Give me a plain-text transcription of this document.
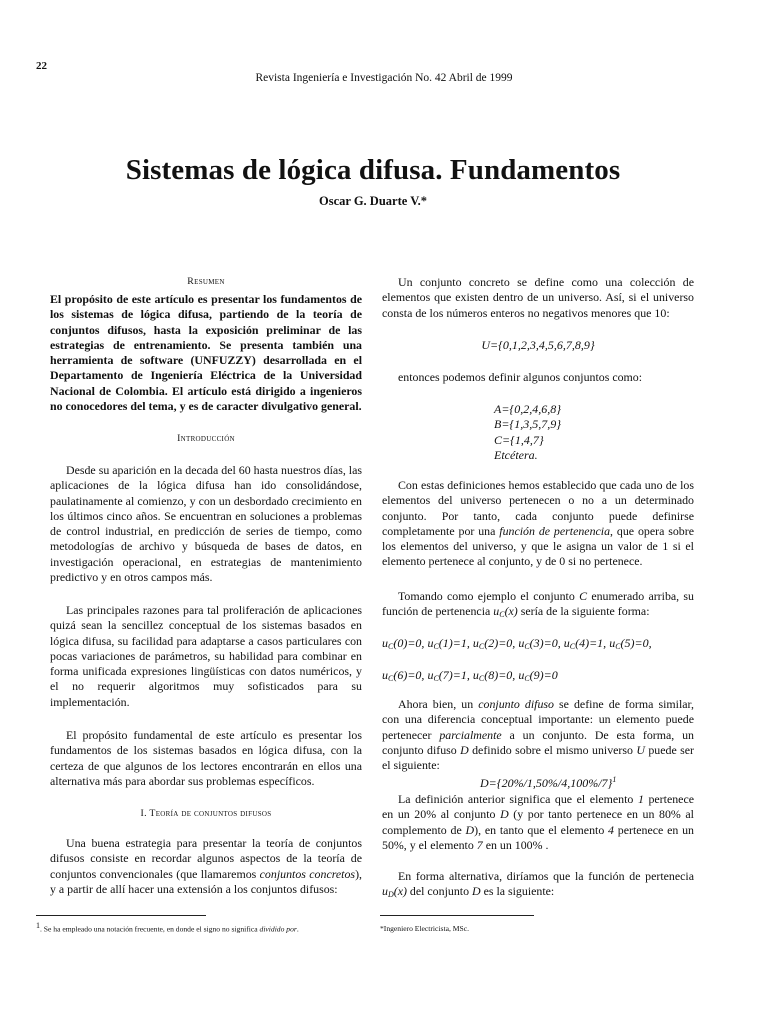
22
Revista Ingeniería e Investigación No. 42 Abril de 1999
Sistemas de lógica difusa. Fundamentos
Oscar G. Duarte V.*
Resumen
El propósito de este artículo es presentar los fundamentos de los sistemas de lógica difusa, partiendo de la teoría de conjuntos difusos, hasta la exposición preliminar de las estrategias de entrenamiento. Se presenta también una herramienta de software (UNFUZZY) desarrollada en el Departamento de Ingeniería Eléctrica de la Universidad Nacional de Colombia. El artículo está dirigido a ingenieros no conocedores del tema, y es de caracter divulgativo general.
Introducción

Desde su aparición en la decada del 60 hasta nuestros días, las aplicaciones de la lógica difusa han ido consolidándose, paulatinamente al comienzo, y con un desbordado crecimiento en los últimos cinco años. Se encuentran en soluciones a problemas de control industrial, en predicción de series de tiempo, como metodologías de archivo y búsqueda de bases de datos, en investigación operacional, en estrategias de mantenimiento predictivo y en otros campos más.

Las principales razones para tal proliferación de aplicaciones quizá sean la sencillez conceptual de los sistemas basados en lógica difusa, su facilidad para adaptarse a casos particulares con pocas variaciones de parámetros, su habilidad para combinar en forma unificada expresiones lingüísticas con datos numéricos, y el no requerir algoritmos muy sofisticados para su implementación.

El propósito fundamental de este artículo es presentar los fundamentos de los sistemas basados en lógica difusa, con la certeza de que algunos de los lectores encontrarán en ellos una alternativa más para abordar sus problemas específicos.

I. Teoría de conjuntos difusos

Una buena estrategia para presentar la teoría de conjuntos difusos consiste en recordar algunos aspectos de la teoría de conjuntos convencionales (que llamaremos conjuntos concretos), y a partir de allí hacer una extensión a los conjuntos difusos:

$^1$. Se ha empleado una notación frecuente, en donde el signo no significa dividido por.

Un conjunto concreto se define como una colección de elementos que existen dentro de un universo. Así, si el universo consta de los números enteros no negativos menores que 10:

U={0,1,2,3,4,5,6,7,8,9}

entonces podemos definir algunos conjuntos como:

A={0,2,4,6,8}
B={1,3,5,7,9}
C={1,4,7}
Etcétera.

Con estas definiciones hemos establecido que cada uno de los elementos del universo pertenecen o no a un determinado conjunto. Por tanto, cada conjunto puede definirse completamente por una función de pertenencia, que opera sobre los elementos del universo, y que le asigna un valor de 1 si el elemento pertenece al conjunto, y de 0 si no pertenece.

Tomando como ejemplo el conjunto C enumerado arriba, su función de pertenencia $u_C(x)$ sería de la siguiente forma:

$u_C(0)=0$, $u_C(1)=1$, $u_C(2)=0$, $u_C(3)=0$, $u_C(4)=1$, $u_C(5)=0$,
$u_C(6)=0$, $u_C(7)=1$, $u_C(8)=0$, $u_C(9)=0$

Ahora bien, un conjunto difuso se define de forma similar, con una diferencia conceptual importante: un elemento puede pertenecer parcialmente a un conjunto. De esta forma, un conjunto difuso D definido sobre el mismo universo U puede ser el siguiente:

$D=\{20\%/1,50\%/4,100\%/7\}^1$

La definición anterior significa que el elemento 1 pertenece en un 20% al conjunto D (y por tanto pertenece en un 80% al complemento de D), en tanto que el elemento 4 pertenece en un 50%, y el elemento 7 en un 100% .

En forma alternativa, diríamos que la función de pertenecia $u_D(x)$ del conjunto D es la siguiente:

*Ingeniero Electricista, MSc.
